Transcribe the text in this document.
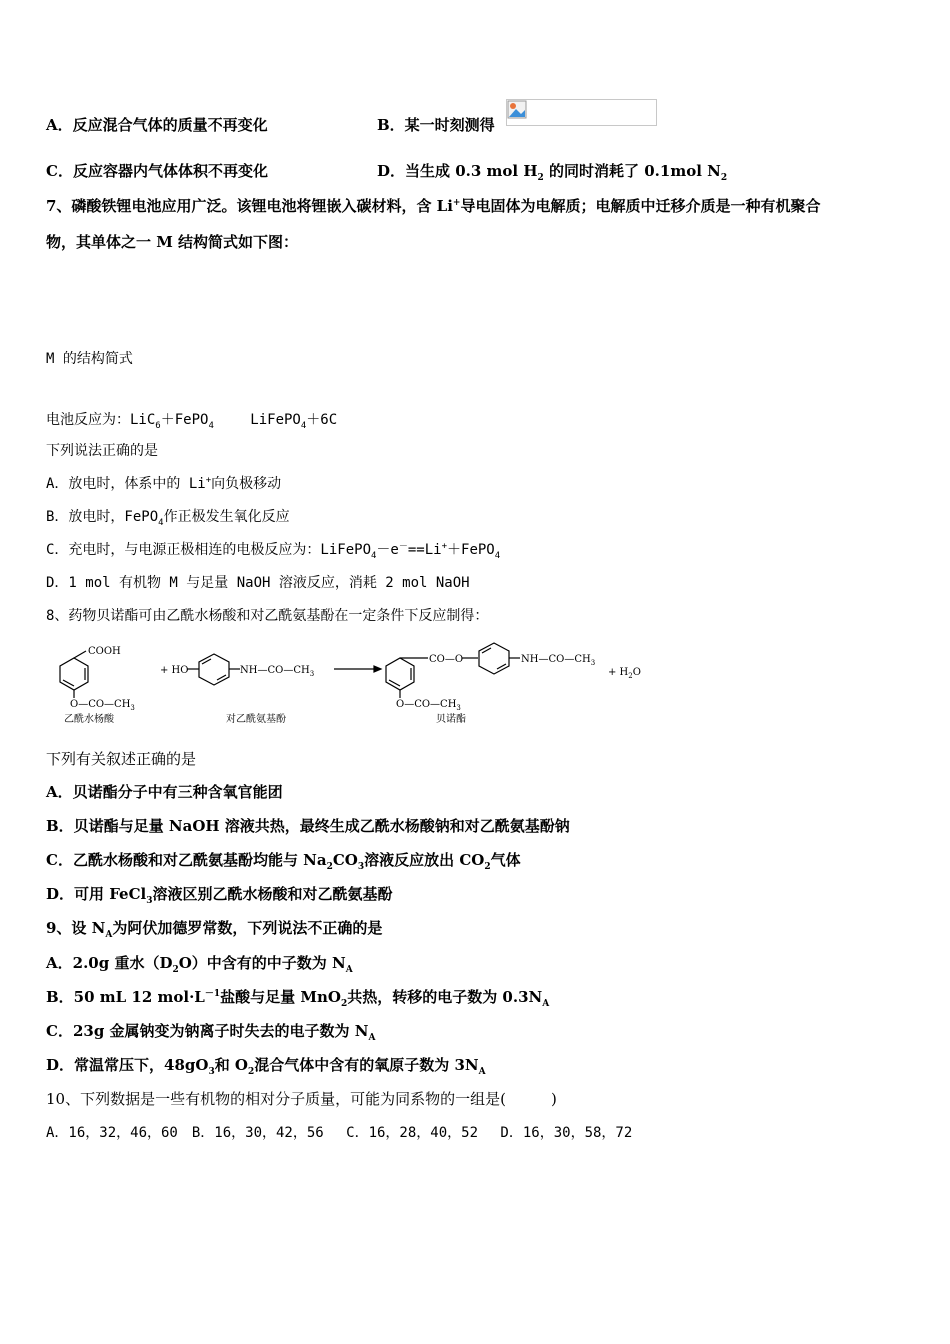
A．反应混合气体的质量不再变化	B．某一时刻测得
C．反应容器内气体体积不再变化	D．当生成 0.3 mol $H_2$ 的同时消耗了 0.1mol $N_2$
7、磷酸铁锂电池应用广泛。该锂电池将锂嵌入碳材料，含 Li+导电固体为电解质；电解质中迁移介质是一种有机聚合
物，其单体之一 M 结构简式如下图：
M 的结构简式
电池反应为：LiC$_6$＋FePO$_4$　　 LiFePO$_4$＋6C
下列说法正确的是
A．放电时，体系中的 Li+向负极移动
B．放电时，FePO$_4$作正极发生氧化反应
C．充电时，与电源正极相连的电极反应为：LiFePO$_4$－e－==Li+＋FePO$_4$
D．1 mol 有机物 M 与足量 NaOH 溶液反应，消耗 2 mol NaOH
8、药物贝诺酯可由乙酰水杨酸和对乙酰氨基酚在一定条件下反应制得：
COOH
$O—CO—CH_3$
乙酰水杨酸
+ HO	$NH—CO—CH_3$
对乙酰氨基酚
CO—O	$NH—CO—CH_3$
$O—CO—CH_3$
贝诺酯
+ $H_2O$
下列有关叙述正确的是
A．贝诺酯分子中有三种含氧官能团
B．贝诺酯与足量 NaOH 溶液共热，最终生成乙酰水杨酸钠和对乙酰氨基酚钠
C．乙酰水杨酸和对乙酰氨基酚均能与 $Na_2CO_3$溶液反应放出 $CO_2$气体
D．可用 FeCl$_3$溶液区别乙酰水杨酸和对乙酰氨基酚
9、设 $N_A$为阿伏加德罗常数，下列说法不正确的是
A．2.0g 重水$(D_2O)$中含有的中子数为 $N_A$
B．50 mL 12 $mol\cdot L^{-1}$盐酸与足量 MnO$_2$共热，转移的电子数为 $0.3N_A$
C．23g 金属钠变为钠离子时失去的电子数为 $N_A$
D．常温常压下，$48gO_3$和 $O_2$混合气体中含有的氧原子数为 $3N_A$
10、下列数据是一些有机物的相对分子质量，可能为同系物的一组是(　　　)
A．16，32，46，60　B．16，30，42，56　 C．16，28，40，52　 D．16，30，58，72
